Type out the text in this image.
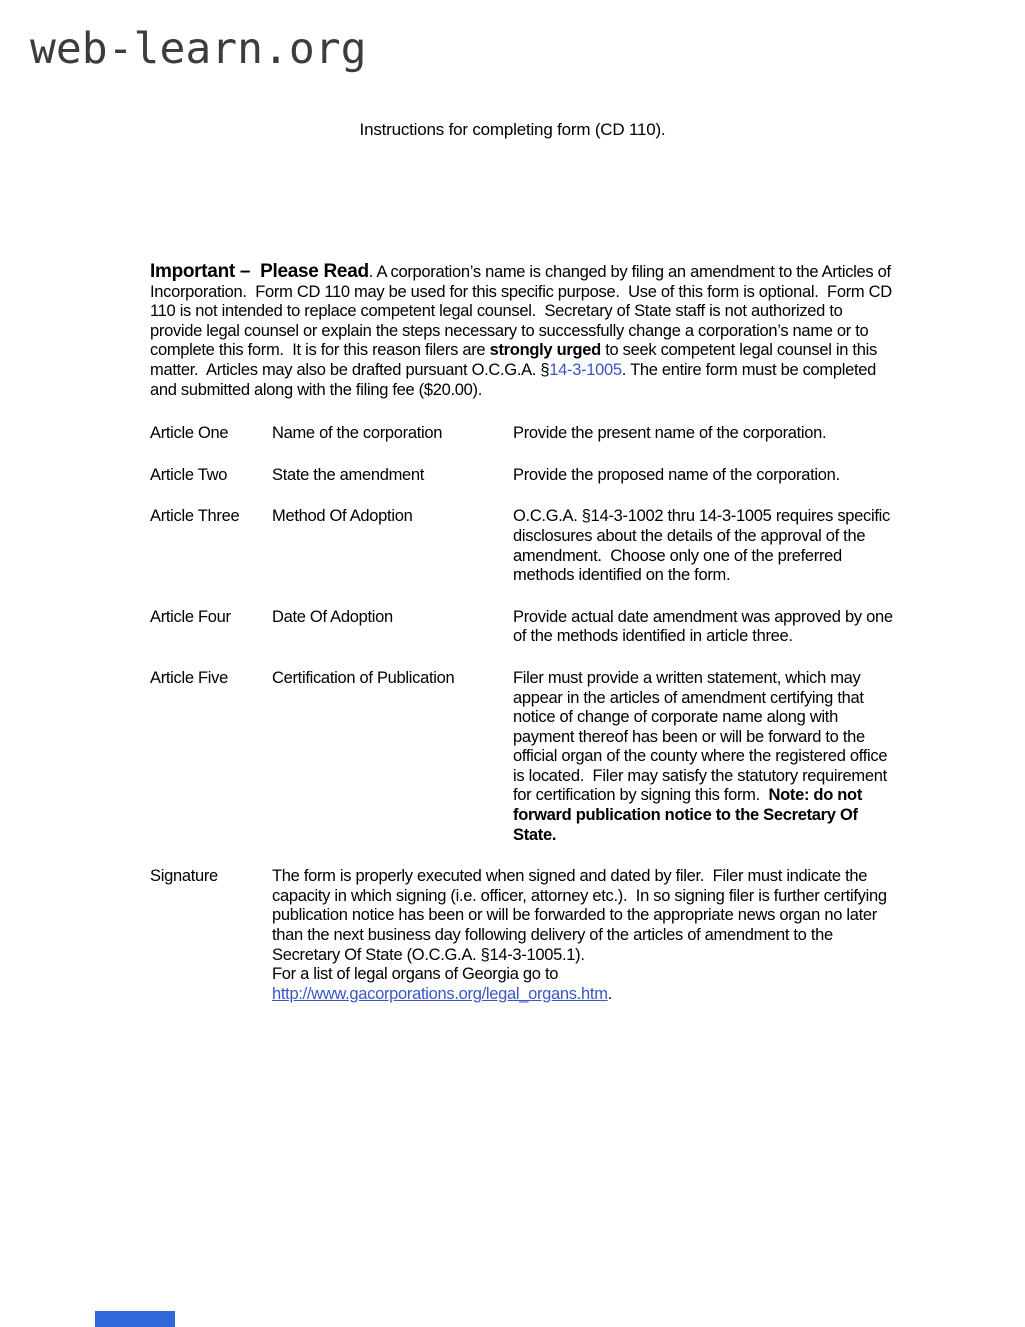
web-learn.org
Instructions for completing form (CD 110).

Important –  Please Read. A corporation’s name is changed by filing an amendment to the Articles of Incorporation.  Form CD 110 may be used for this specific purpose.  Use of this form is optional.  Form CD 110 is not intended to replace competent legal counsel.  Secretary of State staff is not authorized to provide legal counsel or explain the steps necessary to successfully change a corporation’s name or to complete this form.  It is for this reason filers are strongly urged to seek competent legal counsel in this matter.  Articles may also be drafted pursuant O.C.G.A. §14-3-1005. The entire form must be completed and submitted along with the filing fee ($20.00).

Article One	Name of the corporation	Provide the present name of the corporation.
Article Two	State the amendment	Provide the proposed name of the corporation.
Article Three	Method Of Adoption	O.C.G.A. §14-3-1002 thru 14-3-1005 requires specific disclosures about the details of the approval of the amendment.  Choose only one of the preferred methods identified on the form.
Article Four	Date Of Adoption	Provide actual date amendment was approved by one of the methods identified in article three.
Article Five	Certification of Publication	Filer must provide a written statement, which may appear in the articles of amendment certifying that notice of change of corporate name along with payment thereof has been or will be forward to the official organ of the county where the registered office is located.  Filer may satisfy the statutory requirement for certification by signing this form.  Note: do not forward publication notice to the Secretary Of State.
Signature	The form is properly executed when signed and dated by filer.  Filer must indicate the capacity in which signing (i.e. officer, attorney etc.).  In so signing filer is further certifying publication notice has been or will be forwarded to the appropriate news organ no later than the next business day following delivery of the articles of amendment to the Secretary Of State (O.C.G.A. §14-3-1005.1).
For a list of legal organs of Georgia go to
http://www.gacorporations.org/legal_organs.htm.
